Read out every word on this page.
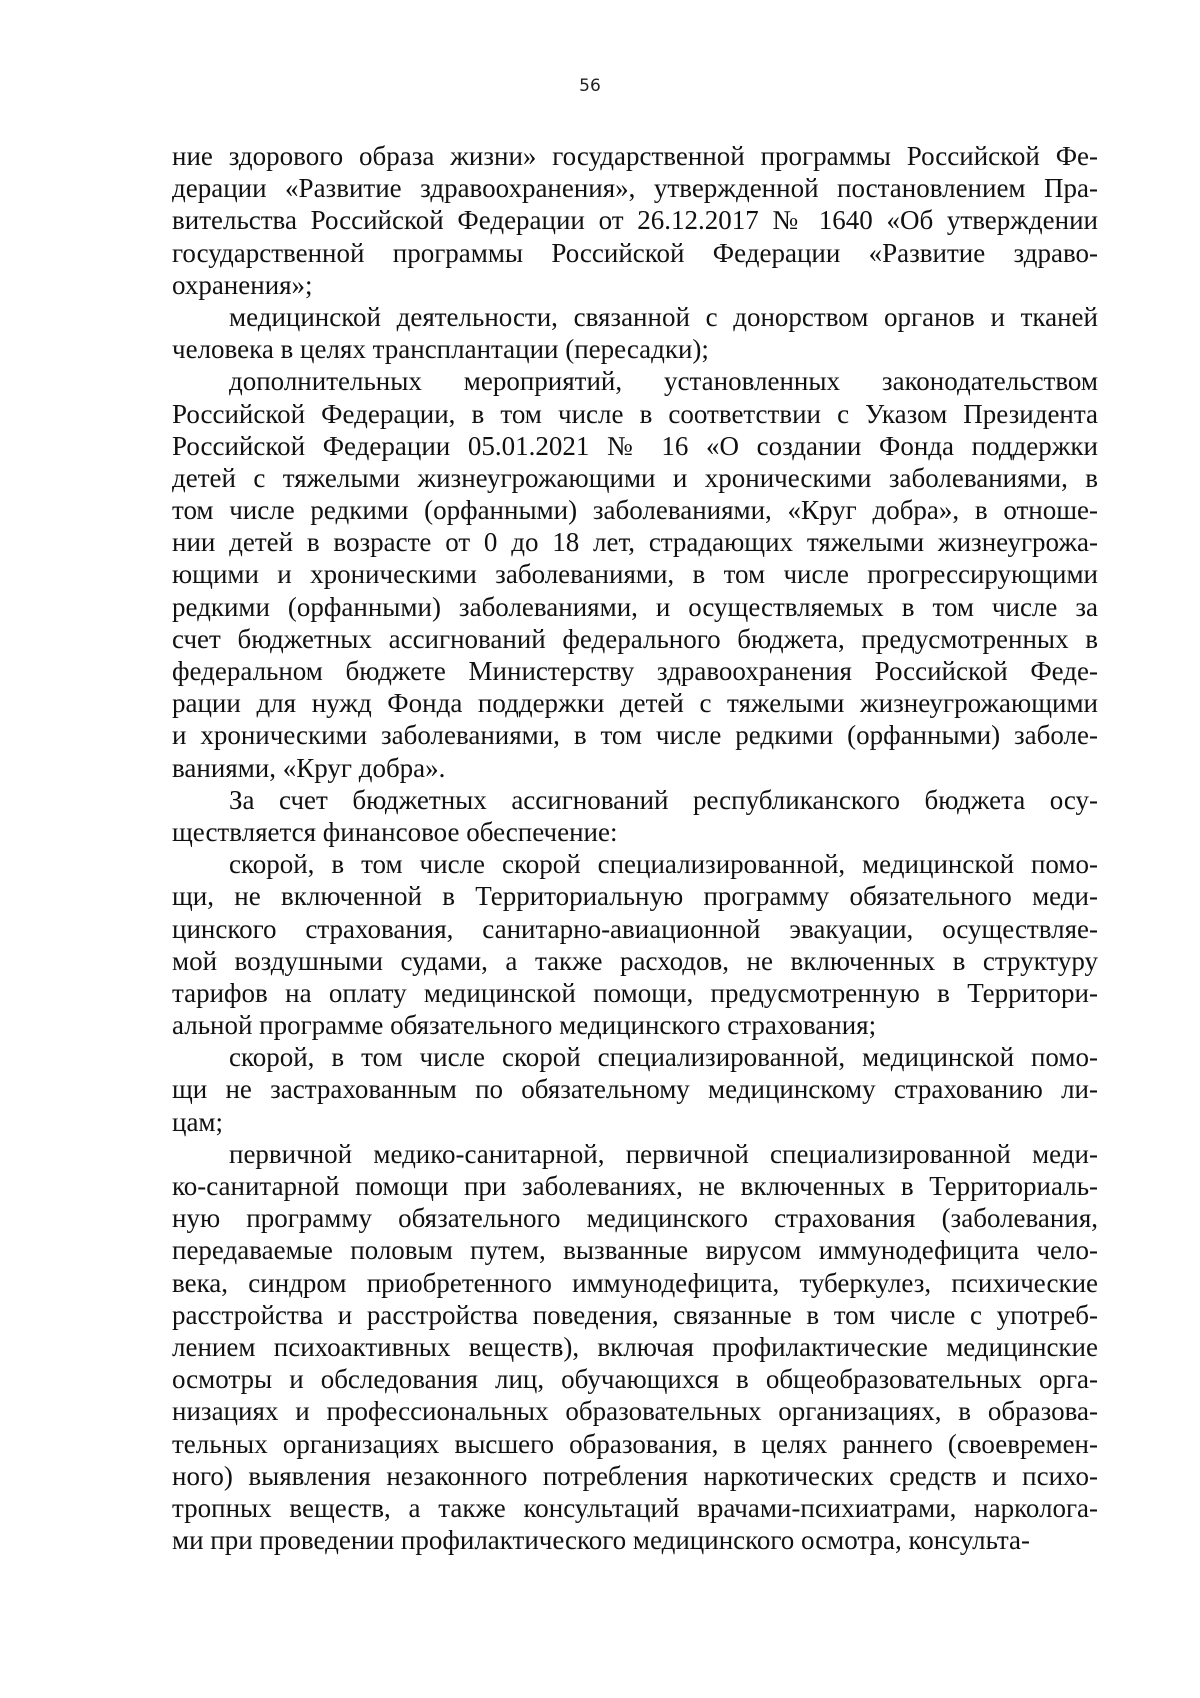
56
ние здорового образа жизни» государственной программы Российской Фе-
дерации «Развитие здравоохранения», утвержденной постановлением Пра-
вительства Российской Федерации от 26.12.2017 № 1640 «Об утверждении
государственной программы Российской Федерации «Развитие здраво-
охранения»;
медицинской деятельности, связанной с донорством органов и тканей
человека в целях трансплантации (пересадки);
дополнительных мероприятий, установленных законодательством
Российской Федерации, в том числе в соответствии с Указом Президента
Российской Федерации 05.01.2021 № 16 «О создании Фонда поддержки
детей с тяжелыми жизнеугрожающими и хроническими заболеваниями, в
том числе редкими (орфанными) заболеваниями, «Круг добра», в отноше-
нии детей в возрасте от 0 до 18 лет, страдающих тяжелыми жизнеугрожа-
ющими и хроническими заболеваниями, в том числе прогрессирующими
редкими (орфанными) заболеваниями, и осуществляемых в том числе за
счет бюджетных ассигнований федерального бюджета, предусмотренных в
федеральном бюджете Министерству здравоохранения Российской Феде-
рации для нужд Фонда поддержки детей с тяжелыми жизнеугрожающими
и хроническими заболеваниями, в том числе редкими (орфанными) заболе-
ваниями, «Круг добра».
За счет бюджетных ассигнований республиканского бюджета осу-
ществляется финансовое обеспечение:
скорой, в том числе скорой специализированной, медицинской помо-
щи, не включенной в Территориальную программу обязательного меди-
цинского страхования, санитарно-авиационной эвакуации, осуществляе-
мой воздушными судами, а также расходов, не включенных в структуру
тарифов на оплату медицинской помощи, предусмотренную в Территори-
альной программе обязательного медицинского страхования;
скорой, в том числе скорой специализированной, медицинской помо-
щи не застрахованным по обязательному медицинскому страхованию ли-
цам;
первичной медико-санитарной, первичной специализированной меди-
ко-санитарной помощи при заболеваниях, не включенных в Территориаль-
ную программу обязательного медицинского страхования (заболевания,
передаваемые половым путем, вызванные вирусом иммунодефицита чело-
века, синдром приобретенного иммунодефицита, туберкулез, психические
расстройства и расстройства поведения, связанные в том числе с употреб-
лением психоактивных веществ), включая профилактические медицинские
осмотры и обследования лиц, обучающихся в общеобразовательных орга-
низациях и профессиональных образовательных организациях, в образова-
тельных организациях высшего образования, в целях раннего (своевремен-
ного) выявления незаконного потребления наркотических средств и психо-
тропных веществ, а также консультаций врачами-психиатрами, нарколога-
ми при проведении профилактического медицинского осмотра, консульта-
